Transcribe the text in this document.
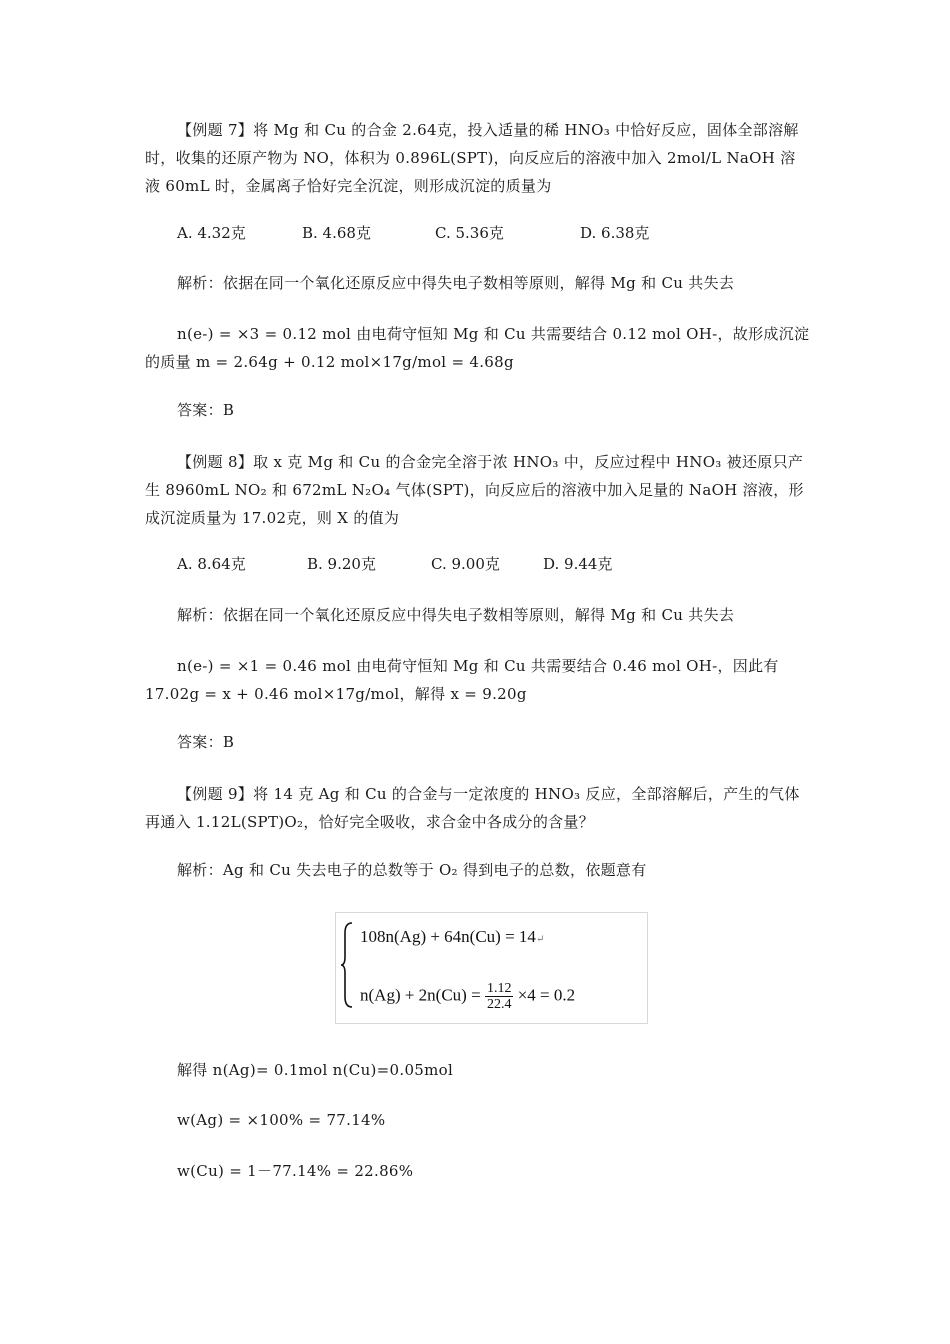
【例题 7】将 Mg 和 Cu 的合金 2.64克，投入适量的稀 HNO₃ 中恰好反应，固体全部溶解时，收集的还原产物为 NO，体积为 0.896L(SPT)，向反应后的溶液中加入 2mol/L NaOH 溶液 60mL 时，金属离子恰好完全沉淀，则形成沉淀的质量为
A. 4.32克	B. 4.68克	C. 5.36克	D. 6.38克
解析：依据在同一个氧化还原反应中得失电子数相等原则，解得 Mg 和 Cu 共失去
n(e-) = ×3 = 0.12 mol 由电荷守恒知 Mg 和 Cu 共需要结合 0.12 mol OH-，故形成沉淀的质量 m = 2.64g + 0.12 mol×17g/mol = 4.68g
答案：B
【例题 8】取 x 克 Mg 和 Cu 的合金完全溶于浓 HNO₃ 中，反应过程中 HNO₃ 被还原只产生 8960mL NO₂ 和 672mL N₂O₄ 气体(SPT)，向反应后的溶液中加入足量的 NaOH 溶液，形成沉淀质量为 17.02克，则 X 的值为
A. 8.64克	B. 9.20克	C. 9.00克	D. 9.44克
解析：依据在同一个氧化还原反应中得失电子数相等原则，解得 Mg 和 Cu 共失去
n(e-) = ×1 = 0.46 mol 由电荷守恒知 Mg 和 Cu 共需要结合 0.46 mol OH-，因此有 17.02g = x + 0.46 mol×17g/mol，解得 x = 9.20g
答案：B
【例题 9】将 14 克 Ag 和 Cu 的合金与一定浓度的 HNO₃ 反应，全部溶解后，产生的气体再通入 1.12L(SPT)O₂，恰好完全吸收，求合金中各成分的含量？
解析：Ag 和 Cu 失去电子的总数等于 O₂ 得到电子的总数，依题意有
108n(Ag) + 64n(Cu) = 14↵
$n(Ag) + 2n(Cu) = \frac{1.12}{22.4} \times 4 = 0.2$
解得 n(Ag)= 0.1mol n(Cu)=0.05mol
w(Ag) = ×100% = 77.14%
w(Cu) = 1－77.14% = 22.86%
